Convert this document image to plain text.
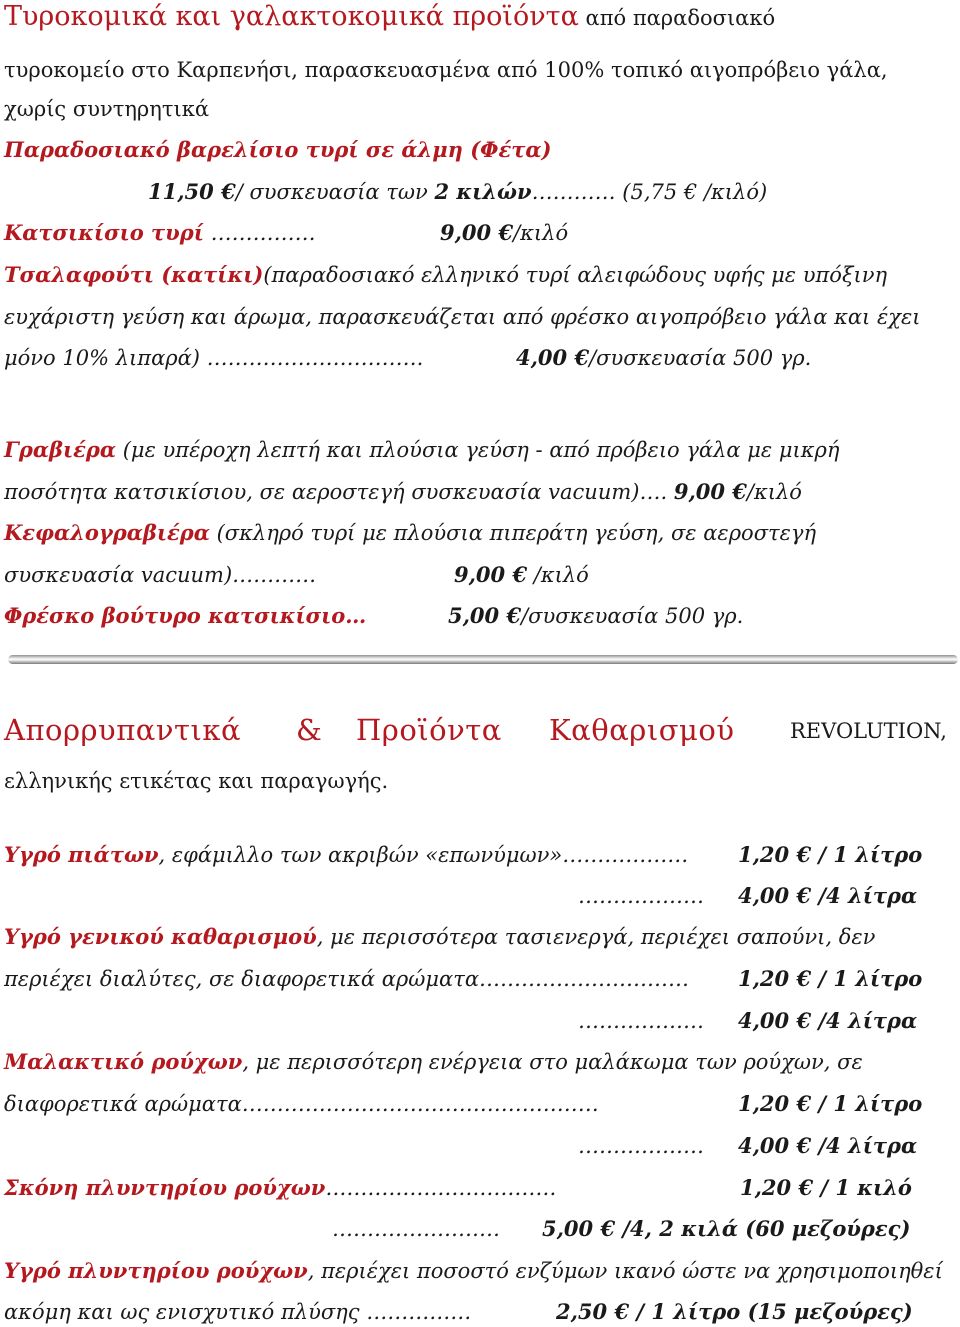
Τυροκομικά και γαλακτοκομικά προϊόντα από παραδοσιακό
τυροκομείο στο Καρπενήσι, παρασκευασμένα από 100% τοπικό αιγοπρόβειο γάλα,
χωρίς συντηρητικά
Παραδοσιακό βαρελίσιο τυρί σε άλμη (Φέτα)
11,50 €/ συσκευασία των 2 κιλών………… (5,75 € /κιλό)
Κατσικίσιο τυρί ……………	9,00 €/κιλό
Τσαλαφούτι (κατίκι)(παραδοσιακό ελληνικό τυρί αλειφώδους υφής με υπόξινη
ευχάριστη γεύση και άρωμα, παρασκευάζεται από φρέσκο αιγοπρόβειο γάλα και έχει
μόνο 10% λιπαρά) ………………………….	4,00 €/συσκευασία 500 γρ.
Γραβιέρα (με υπέροχη λεπτή και πλούσια γεύση - από πρόβειο γάλα με μικρή
ποσότητα κατσικίσιου, σε αεροστεγή συσκευασία vacuum)…. 9,00 €/κιλό
Κεφαλογραβιέρα (σκληρό τυρί με πλούσια πιπεράτη γεύση, σε αεροστεγή
συσκευασία vacuum)…………	9,00 € /κιλό
Φρέσκο βούτυρο κατσικίσιο…	5,00 €/συσκευασία 500 γρ.
Απορρυπαντικά & Προϊόντα Καθαρισμού	REVOLUTION,
ελληνικής ετικέτας και παραγωγής.
Υγρό πιάτων, εφάμιλλο των ακριβών «επωνύμων»……………… 1,20 € / 1 λίτρο
……………… 4,00 € /4 λίτρα
Υγρό γενικού καθαρισμού, με περισσότερα τασιενεργά, περιέχει σαπούνι, δεν
περιέχει διαλύτες, σε διαφορετικά αρώματα………………………… 1,20 € / 1 λίτρο
……………… 4,00 € /4 λίτρα
Μαλακτικό ρούχων, με περισσότερη ενέργεια στο μαλάκωμα των ρούχων, σε
διαφορετικά αρώματα……………………………………………	1,20 € / 1 λίτρο
……………… 4,00 € /4 λίτρα
Σκόνη πλυντηρίου ρούχων……………………………	1,20 € / 1 κιλό
…………………… 5,00 € /4, 2 κιλά (60 μεζούρες)
Υγρό πλυντηρίου ρούχων, περιέχει ποσοστό ενζύμων ικανό ώστε να χρησιμοποιηθεί
ακόμη και ως ενισχυτικό πλύσης ……………	2,50 € / 1 λίτρο (15 μεζούρες)
